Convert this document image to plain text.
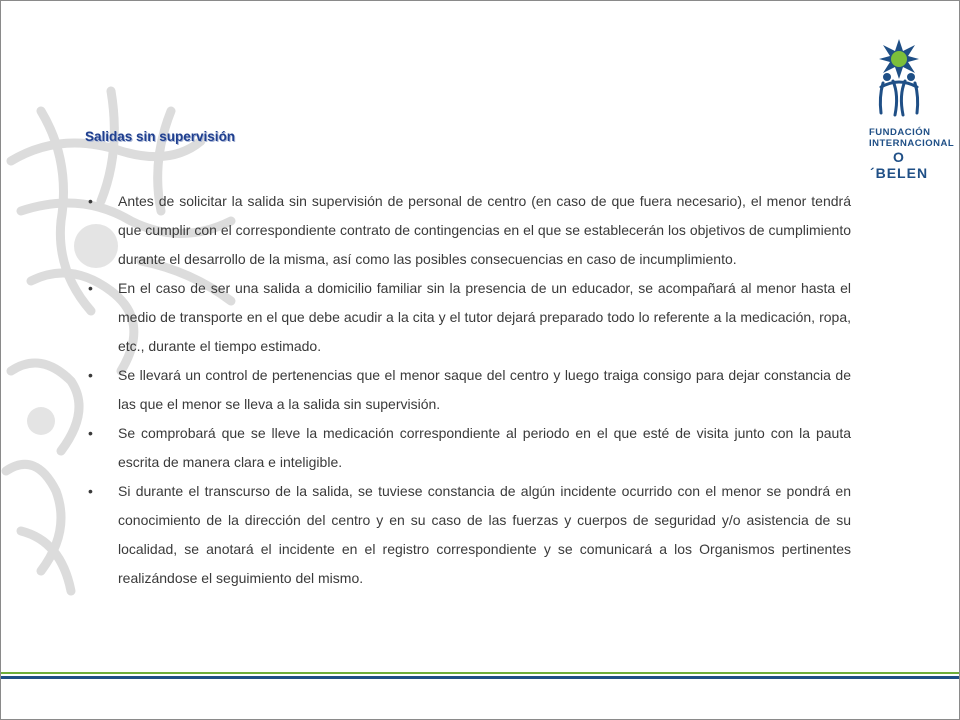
FUNDACIÓN
INTERNACIONAL
O´BELEN
Salidas sin supervisión
• Antes de solicitar la salida sin supervisión de personal de centro (en caso de que fuera necesario), el menor tendrá que cumplir con el correspondiente contrato de contingencias en el que se establecerán los objetivos de cumplimiento durante el desarrollo de la misma, así como las posibles consecuencias en caso de incumplimiento.
• En el caso de ser una salida a domicilio familiar sin la presencia de un educador, se acompañará al menor hasta el medio de transporte en el que debe acudir a la cita y el tutor dejará preparado todo lo referente a la medicación, ropa, etc., durante el tiempo estimado.
• Se llevará un control de pertenencias que el menor saque del centro y luego traiga consigo para dejar constancia de las que el menor se lleva a la salida sin supervisión.
• Se comprobará que se lleve la medicación correspondiente al periodo en el que esté de visita junto con la pauta escrita de manera clara e inteligible.
• Si durante el transcurso de la salida, se tuviese constancia de algún incidente ocurrido con el menor se pondrá en conocimiento de la dirección del centro y en su caso de las fuerzas y cuerpos de seguridad y/o asistencia de su localidad, se anotará el incidente en el registro correspondiente y se comunicará a los Organismos pertinentes realizándose el seguimiento del mismo.
